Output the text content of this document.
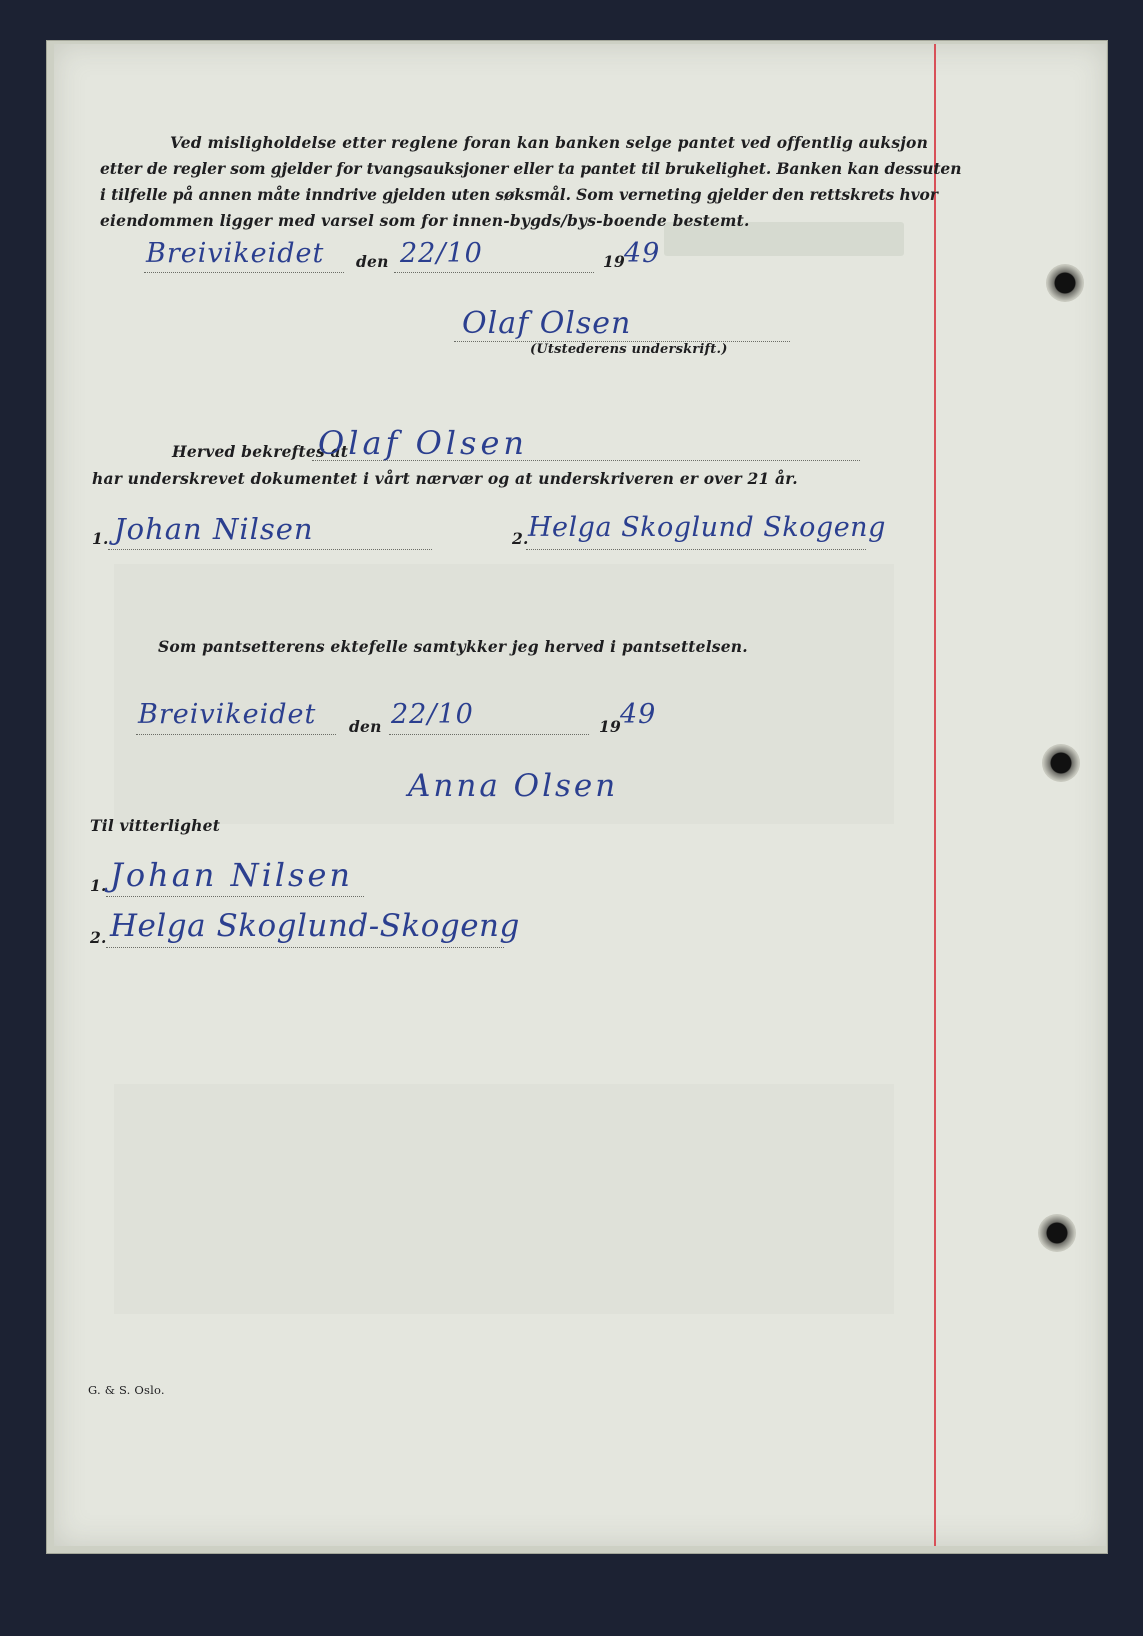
Ved misligholdelse etter reglene foran kan banken selge pantet ved offentlig auksjon
etter de regler som gjelder for tvangsauksjoner eller ta pantet til brukelighet. Banken kan dessuten
i tilfelle på annen måte inndrive gjelden uten søksmål. Som verneting gjelder den rettskrets hvor
eiendommen ligger med varsel som for innen-bygds/bys-boende bestemt.
Breivikeidet den 22/10	19 49
Olaf Olsen
(Utstederens underskrift.)
Herved bekreftes at
Olaf Olsen
har underskrevet dokumentet i vårt nærvær og at underskriveren er over 21 år.
1. Johan Nilsen	2. Helga Skoglund Skogeng
Som pantsetterens ektefelle samtykker jeg herved i pantsettelsen.
Breivikeidet den 22/10	19 49
Anna Olsen
Til vitterlighet
1. Johan Nilsen
2. Helga Skoglund-Skogeng
G. & S. Oslo.
